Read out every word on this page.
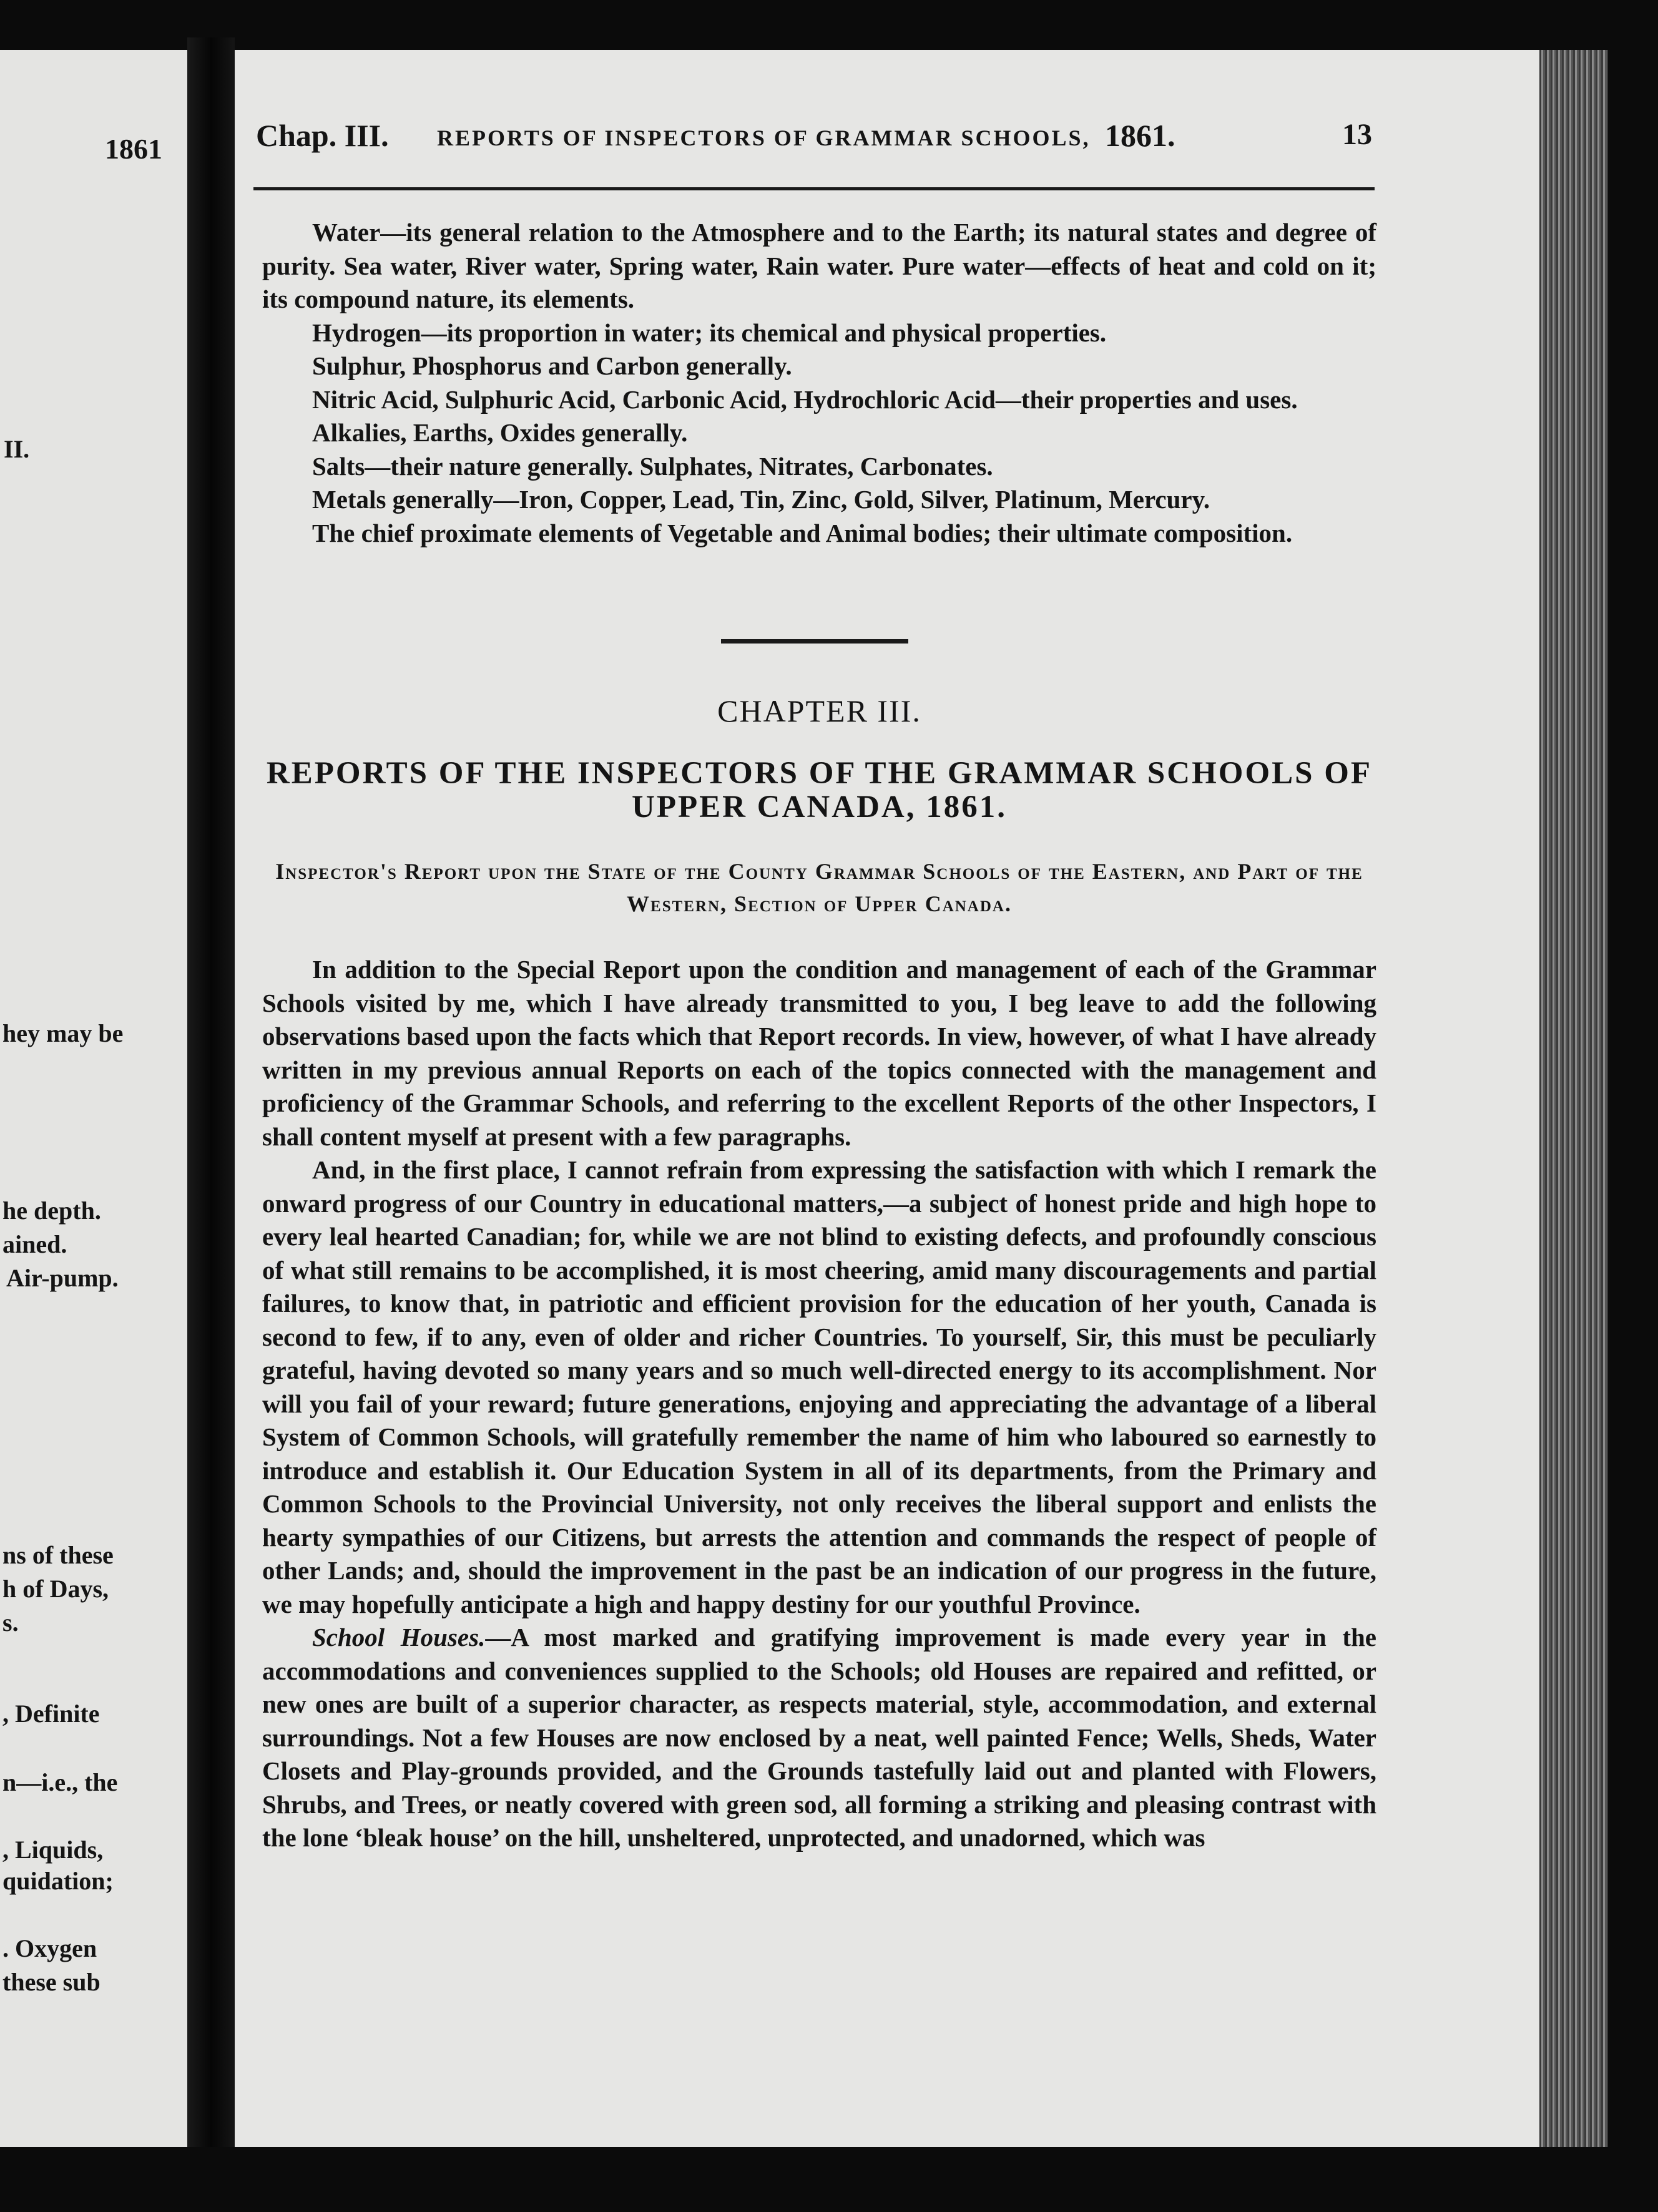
1861
II.
hey may be
he depth.
ained.
Air-pump.
ns of these
h of Days,
s.
, Definite
n—i.e., the
, Liquids,
quidation;
. Oxygen
these sub
Chap. III. REPORTS OF INSPECTORS OF GRAMMAR SCHOOLS, 1861.	13

Water—its general relation to the Atmosphere and to the Earth; its natural states and degree of purity. Sea water, River water, Spring water, Rain water. Pure water—effects of heat and cold on it; its compound nature, its elements.

Hydrogen—its proportion in water; its chemical and physical properties.

Sulphur, Phosphorus and Carbon generally.

Nitric Acid, Sulphuric Acid, Carbonic Acid, Hydrochloric Acid—their properties and uses.

Alkalies, Earths, Oxides generally.

Salts—their nature generally. Sulphates, Nitrates, Carbonates.

Metals generally—Iron, Copper, Lead, Tin, Zinc, Gold, Silver, Platinum, Mercury.

The chief proximate elements of Vegetable and Animal bodies; their ultimate composition.

CHAPTER III.
REPORTS OF THE INSPECTORS OF THE GRAMMAR SCHOOLS OF UPPER CANADA, 1861.
Inspector's Report upon the State of the County Grammar Schools of the Eastern, and Part of the Western, Section of Upper Canada.

In addition to the Special Report upon the condition and management of each of the Grammar Schools visited by me, which I have already transmitted to you, I beg leave to add the following observations based upon the facts which that Report records. In view, however, of what I have already written in my previous annual Reports on each of the topics connected with the management and proficiency of the Grammar Schools, and referring to the excellent Reports of the other Inspectors, I shall content myself at present with a few paragraphs.

And, in the first place, I cannot refrain from expressing the satisfaction with which I remark the onward progress of our Country in educational matters,—a subject of honest pride and high hope to every leal hearted Canadian; for, while we are not blind to existing defects, and profoundly conscious of what still remains to be accomplished, it is most cheering, amid many discouragements and partial failures, to know that, in patriotic and efficient provision for the education of her youth, Canada is second to few, if to any, even of older and richer Countries. To yourself, Sir, this must be peculiarly grateful, having devoted so many years and so much well-directed energy to its accomplishment. Nor will you fail of your reward; future generations, enjoying and appreciating the advantage of a liberal System of Common Schools, will gratefully remember the name of him who laboured so earnestly to introduce and establish it. Our Education System in all of its departments, from the Primary and Common Schools to the Provincial University, not only receives the liberal support and enlists the hearty sympathies of our Citizens, but arrests the attention and commands the respect of people of other Lands; and, should the improvement in the past be an indication of our progress in the future, we may hopefully anticipate a high and happy destiny for our youthful Province.

School Houses.—A most marked and gratifying improvement is made every year in the accommodations and conveniences supplied to the Schools; old Houses are repaired and refitted, or new ones are built of a superior character, as respects material, style, accommodation, and external surroundings. Not a few Houses are now enclosed by a neat, well painted Fence; Wells, Sheds, Water Closets and Play-grounds provided, and the Grounds tastefully laid out and planted with Flowers, Shrubs, and Trees, or neatly covered with green sod, all forming a striking and pleasing contrast with the lone ‘bleak house’ on the hill, unsheltered, unprotected, and unadorned, which was
